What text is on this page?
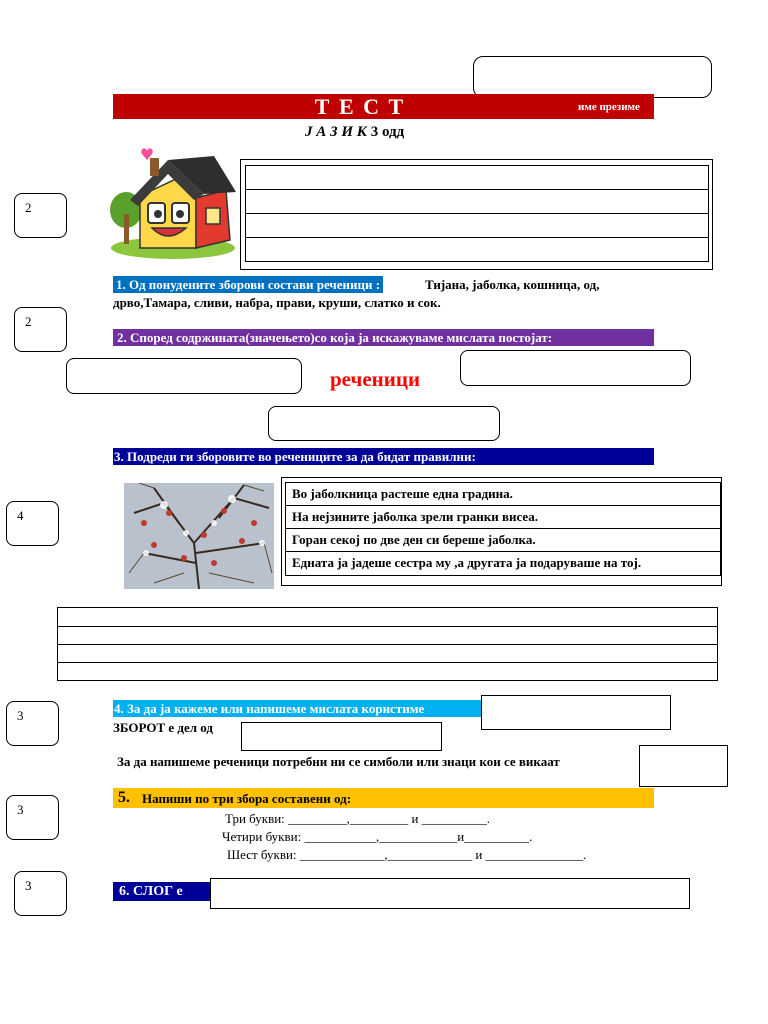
Т Е С Т	име презиме
Ј А З И К 3 одд
2
2
4
3
3
3
1. Од понудените зборови состави реченици :	Тијана, јаболка, кошница, од,
дрво,Тамара, сливи, набра, прави, круши, слатко и сок.
2. Според содржината(значењето)со која ја искажуваме мислата постојат:
реченици
3. Подреди ги зборовите во речениците за да бидат правилни:
Во јаболкница растеше една градина.
На нејзините јаболка зрели гранки висеа.
Горан секој по две ден си береше јаболка.
Едната ја јадеше сестра му ,а другата ја подаруваше на тој.
4. За да ја кажеме или напишеме мислата користиме
ЗБОРОТ е дел од
За да напишеме реченици потребни ни се симболи или знаци кои се викаат
5. Напиши по три збора составени од:
Три букви: _________,_________ и __________.
Четири букви: ___________,____________и__________.
Шест букви: _____________,_____________ и _______________.
6. СЛОГ е
